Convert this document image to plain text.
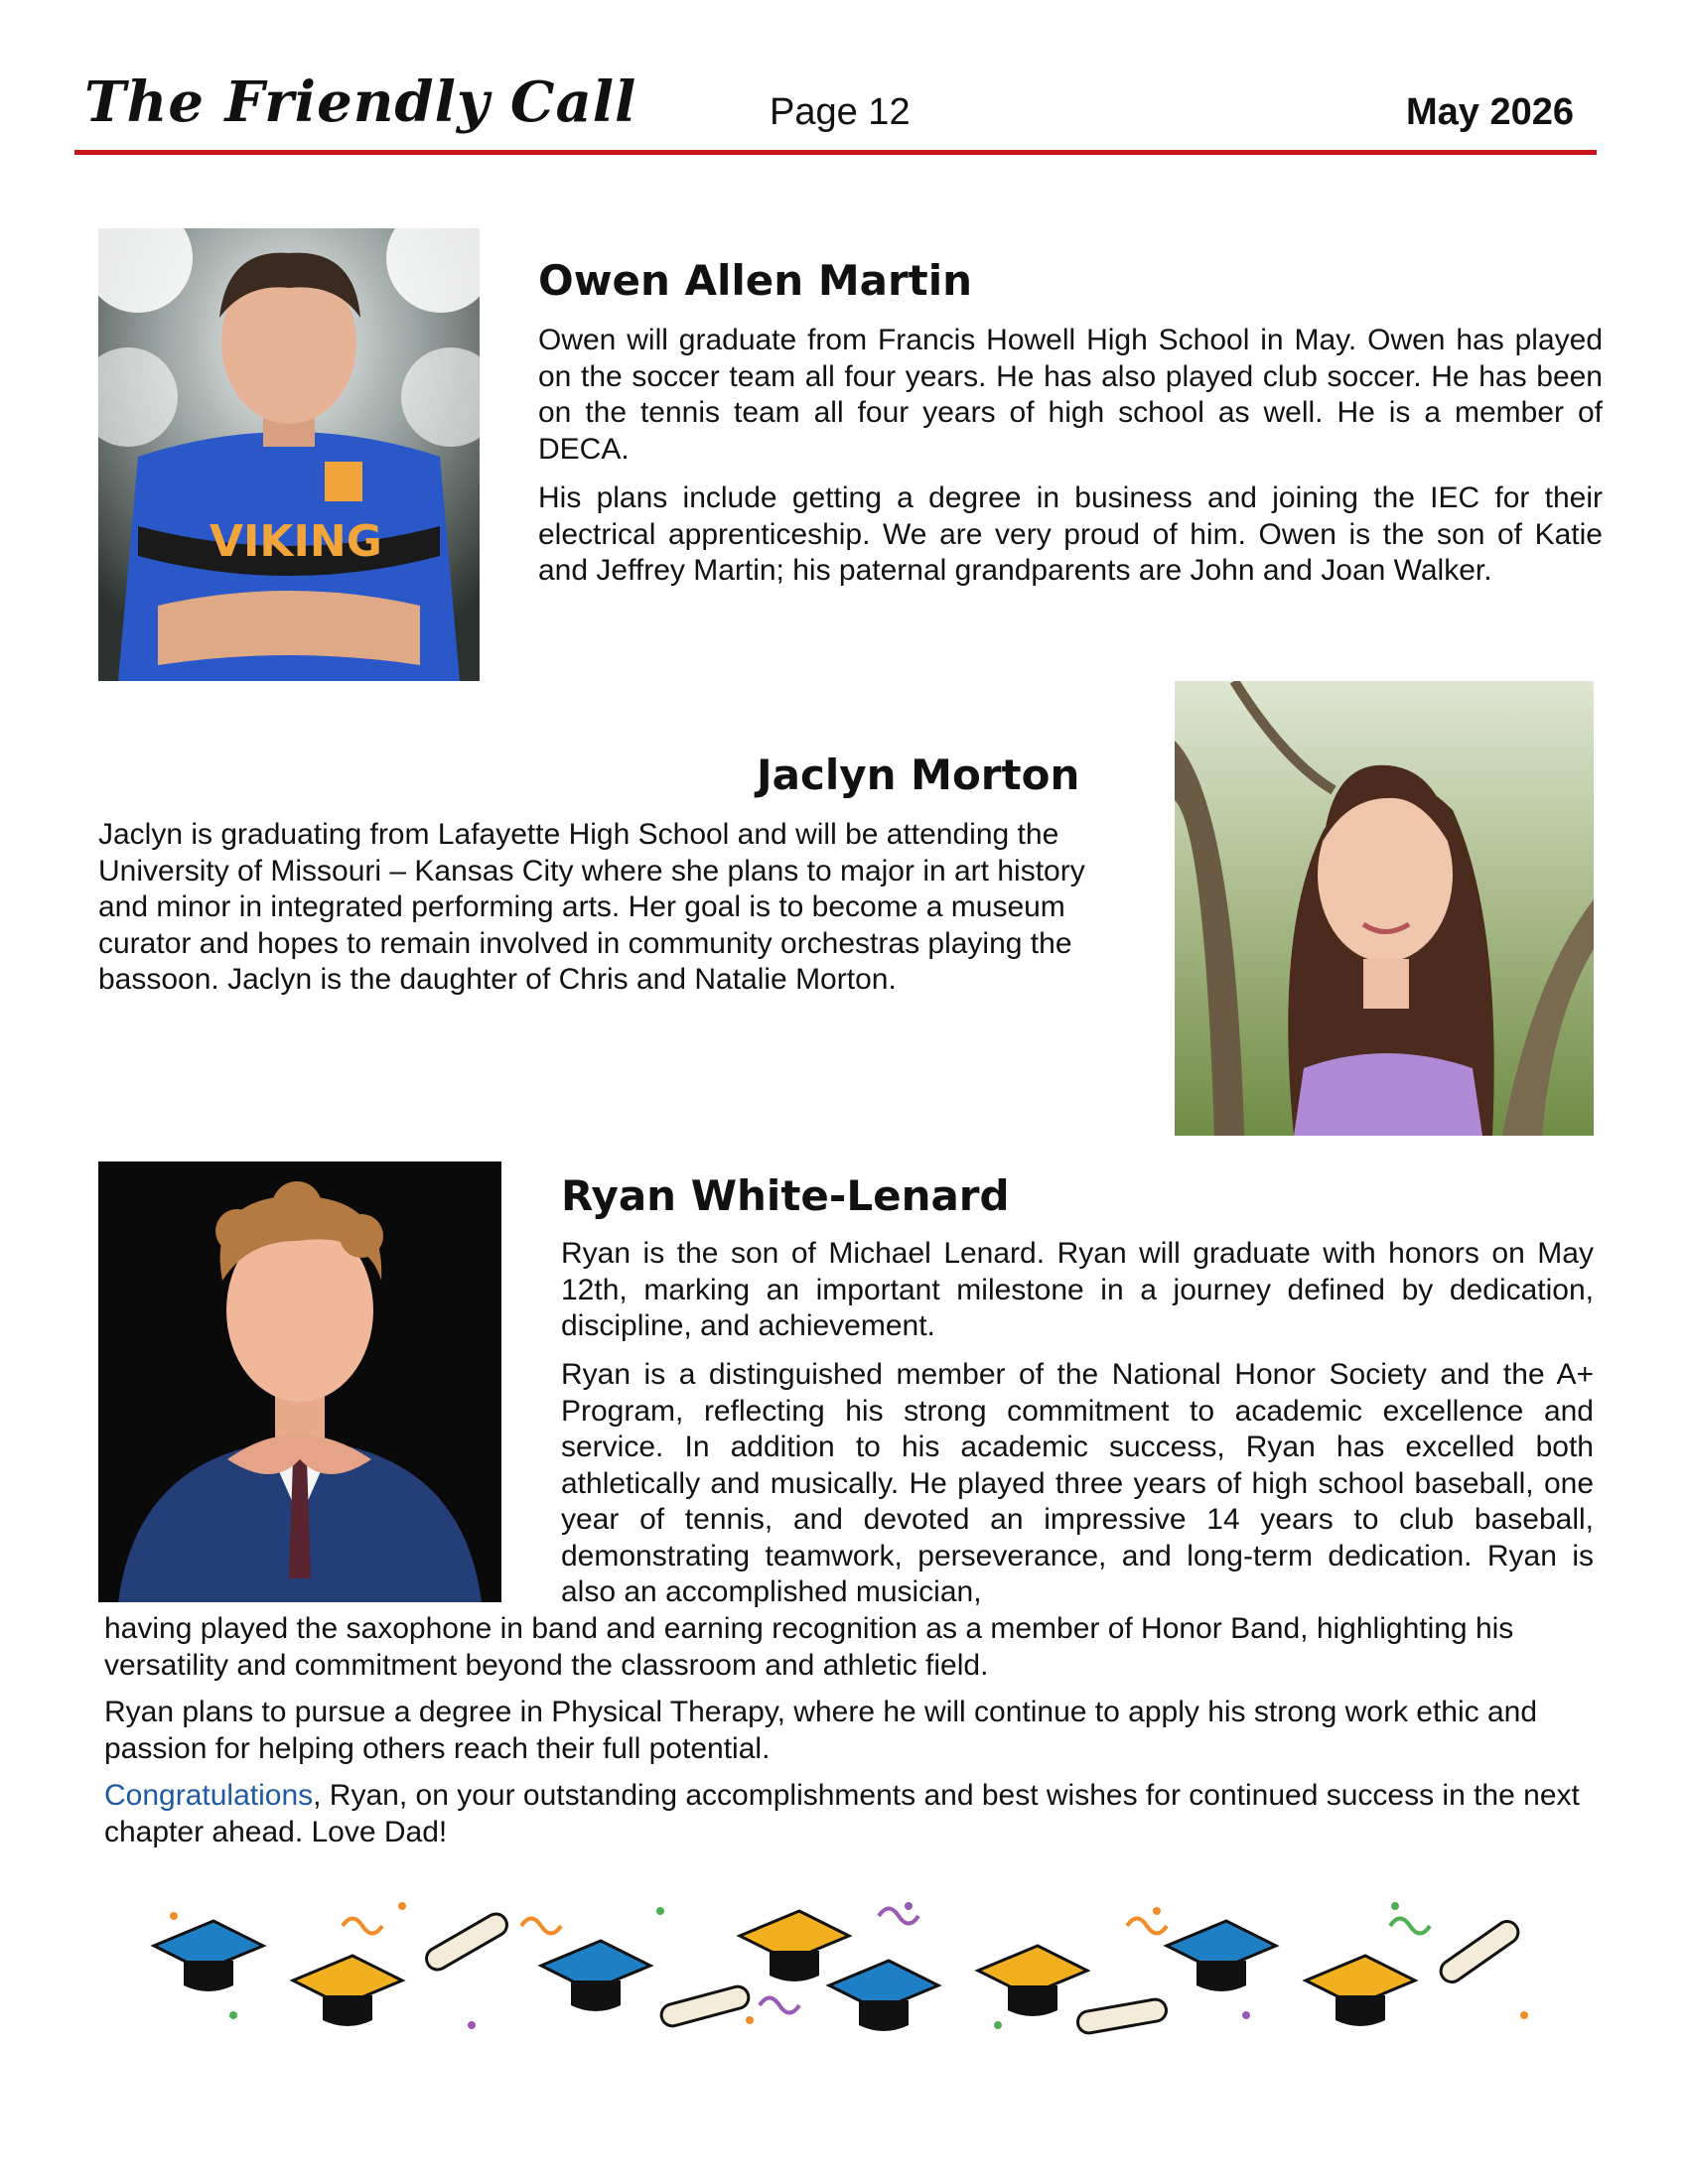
The Friendly Call	Page 12	May 2026
VIKING
Owen Allen Martin

Owen will graduate from Francis Howell High School in May. Owen has played on the soccer team all four years. He has also played club soccer. He has been on the tennis team all four years of high school as well. He is a member of DECA.

His plans include getting a degree in business and joining the IEC for their electrical apprenticeship. We are very proud of him. Owen is the son of Katie and Jeffrey Martin; his paternal grandparents are John and Joan Walker.

Jaclyn Morton

Jaclyn is graduating from Lafayette High School and will be attending the University of Missouri – Kansas City where she plans to major in art history and minor in integrated performing arts. Her goal is to become a museum curator and hopes to remain involved in community orchestras playing the bassoon. Jaclyn is the daughter of Chris and Natalie Morton.

Ryan White-Lenard

Ryan is the son of Michael Lenard. Ryan will graduate with honors on May 12th, marking an important milestone in a journey defined by dedication, discipline, and achievement.

Ryan is a distinguished member of the National Honor Society and the A+ Program, reflecting his strong commitment to academic excellence and service. In addition to his academic success, Ryan has excelled both athletically and musically. He played three years of high school baseball, one year of tennis, and devoted an impressive 14 years to club baseball, demonstrating teamwork, perseverance, and long-term dedication. Ryan is also an accomplished musician,

having played the saxophone in band and earning recognition as a member of Honor Band, highlighting his versatility and commitment beyond the classroom and athletic field.

Ryan plans to pursue a degree in Physical Therapy, where he will continue to apply his strong work ethic and passion for helping others reach their full potential.

Congratulations, Ryan, on your outstanding accomplishments and best wishes for continued success in the next chapter ahead. Love Dad!
